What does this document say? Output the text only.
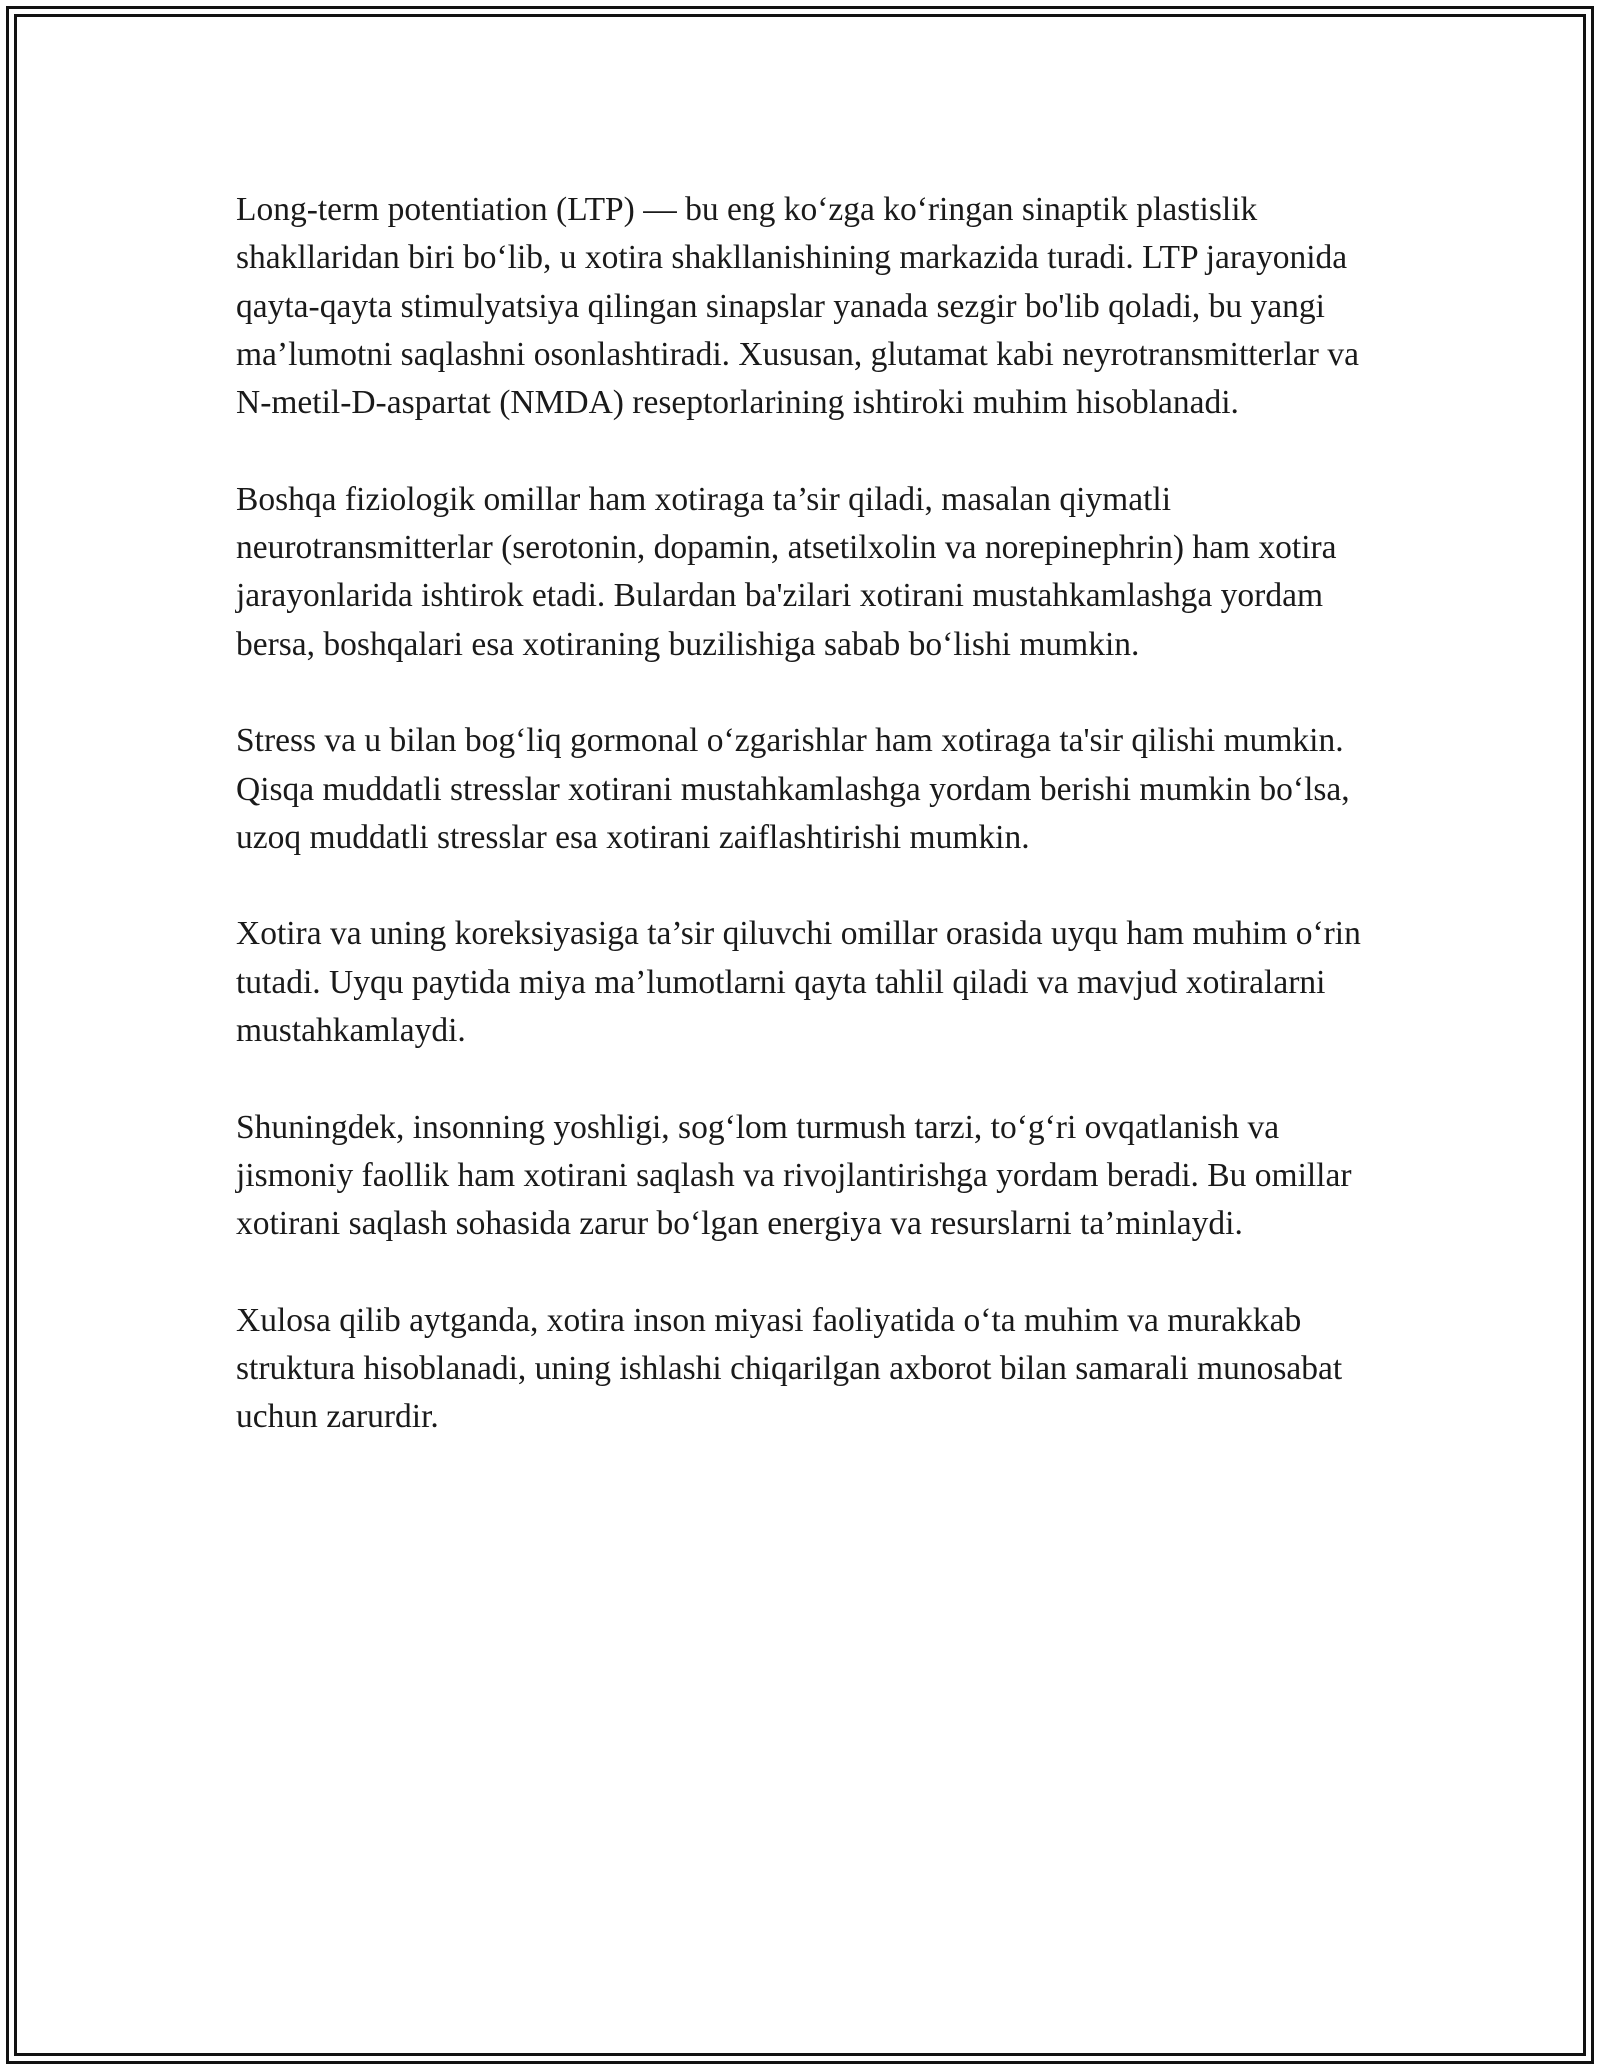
Long-term potentiation (LTP) — bu eng ko‘zga ko‘ringan sinaptik plastislik shakllaridan biri bo‘lib, u xotira shakllanishining markazida turadi. LTP jarayonida qayta-qayta stimulyatsiya qilingan sinapslar yanada sezgir bo'lib qoladi, bu yangi ma’lumotni saqlashni osonlashtiradi. Xususan, glutamat kabi neyrotransmitterlar va N-metil-D-aspartat (NMDA) reseptorlarining ishtiroki muhim hisoblanadi.

Boshqa fiziologik omillar ham xotiraga ta’sir qiladi, masalan qiymatli neurotransmitterlar (serotonin, dopamin, atsetilxolin va norepinephrin) ham xotira jarayonlarida ishtirok etadi. Bulardan ba'zilari xotirani mustahkamlashga yordam bersa, boshqalari esa xotiraning buzilishiga sabab bo‘lishi mumkin.

Stress va u bilan bog‘liq gormonal o‘zgarishlar ham xotiraga ta'sir qilishi mumkin. Qisqa muddatli stresslar xotirani mustahkamlashga yordam berishi mumkin bo‘lsa, uzoq muddatli stresslar esa xotirani zaiflashtirishi mumkin.

Xotira va uning koreksiyasiga ta’sir qiluvchi omillar orasida uyqu ham muhim o‘rin tutadi. Uyqu paytida miya ma’lumotlarni qayta tahlil qiladi va mavjud xotiralarni mustahkamlaydi.

Shuningdek, insonning yoshligi, sog‘lom turmush tarzi, to‘g‘ri ovqatlanish va jismoniy faollik ham xotirani saqlash va rivojlantirishga yordam beradi. Bu omillar xotirani saqlash sohasida zarur bo‘lgan energiya va resurslarni ta’minlaydi.

Xulosa qilib aytganda, xotira inson miyasi faoliyatida o‘ta muhim va murakkab struktura hisoblanadi, uning ishlashi chiqarilgan axborot bilan samarali munosabat uchun zarurdir.
